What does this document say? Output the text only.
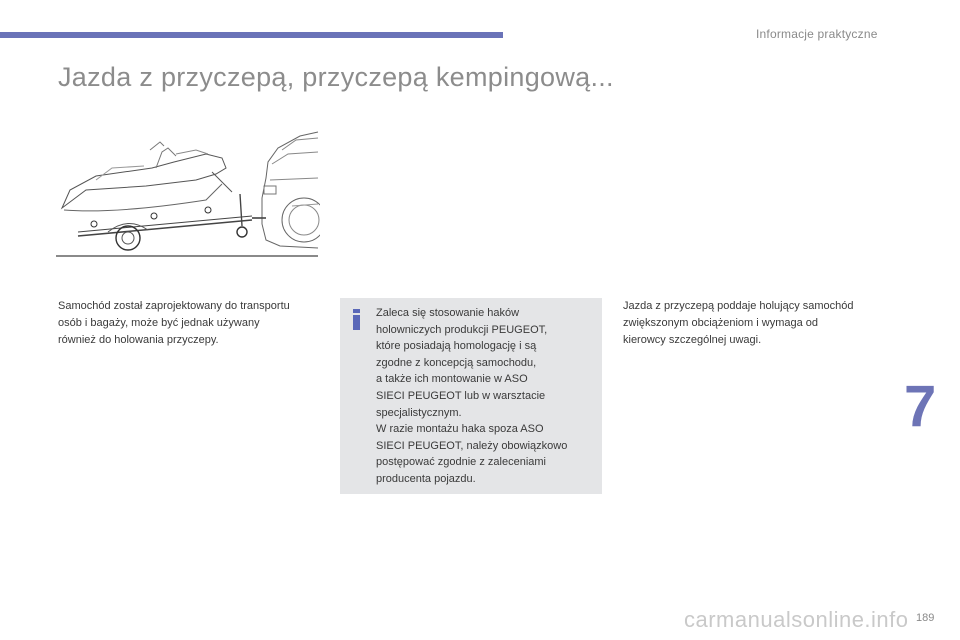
Informacje praktyczne
Jazda z przyczepą, przyczepą kempingową...

Samochód został zaprojektowany do transportu

osób i bagaży, może być jednak używany

również do holowania przyczepy.

Zaleca się stosowanie haków

holowniczych produkcji PEUGEOT,

które posiadają homologację i są

zgodne z koncepcją samochodu,

a także ich montowanie w ASO

SIECI PEUGEOT lub w warsztacie

specjalistycznym.

W razie montażu haka spoza ASO

SIECI PEUGEOT, należy obowiązkowo

postępować zgodnie z zaleceniami

producenta pojazdu.

Jazda z przyczepą poddaje holujący samochód

zwiększonym obciążeniom i wymaga od

kierowcy szczególnej uwagi.

7
carmanualsonline.info 189
